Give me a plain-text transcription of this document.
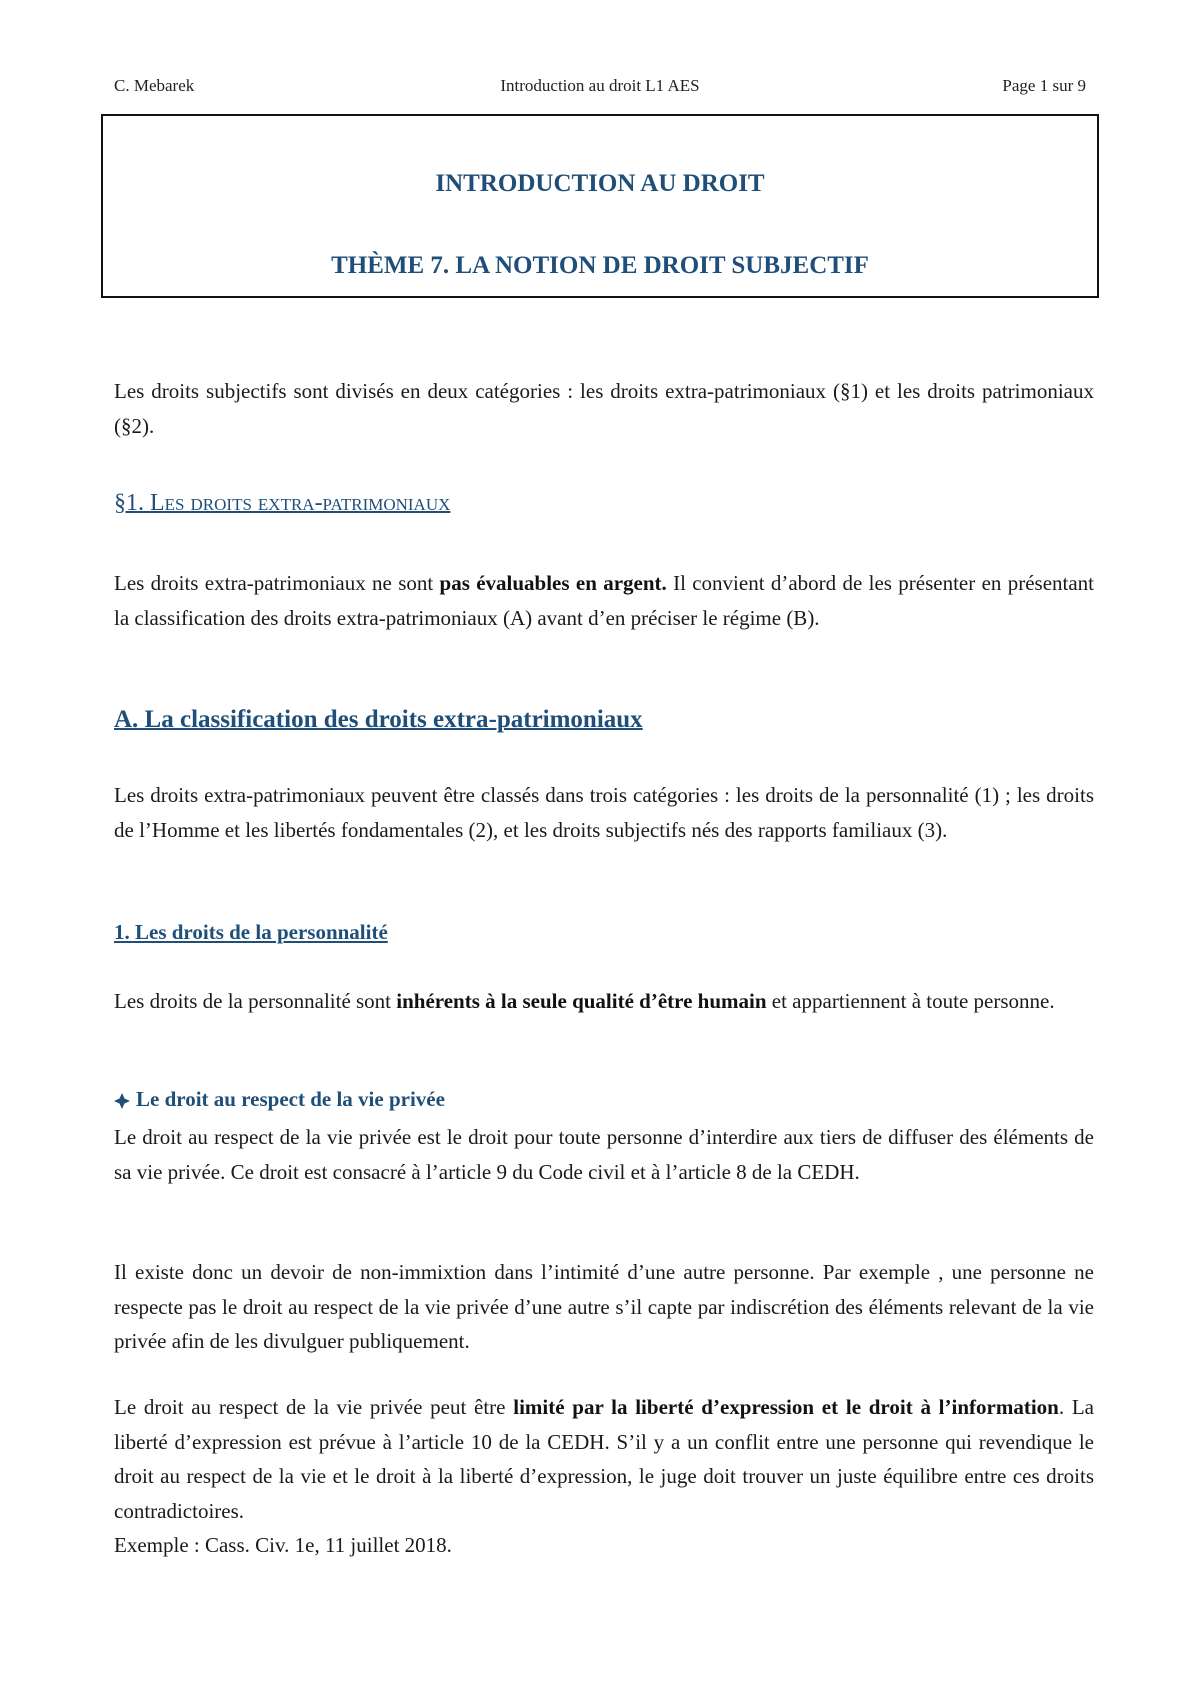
C. Mebarek	Introduction au droit L1 AES	Page 1 sur 9
INTRODUCTION AU DROIT
THÈME 7. LA NOTION DE DROIT SUBJECTIF

Les droits subjectifs sont divisés en deux catégories : les droits extra-patrimoniaux (§1) et les droits patrimoniaux (§2).

§1. Les droits extra-patrimoniaux

Les droits extra-patrimoniaux ne sont pas évaluables en argent. Il convient d’abord de les présenter en présentant la classification des droits extra-patrimoniaux (A) avant d’en préciser le régime (B).

A. La classification des droits extra-patrimoniaux

Les droits extra-patrimoniaux peuvent être classés dans trois catégories : les droits de la personnalité (1) ; les droits de l’Homme et les libertés fondamentales (2), et les droits subjectifs nés des rapports familiaux (3).

1. Les droits de la personnalité

Les droits de la personnalité sont inhérents à la seule qualité d’être humain et appartiennent à toute personne.

Le droit au respect de la vie privée

Le droit au respect de la vie privée est le droit pour toute personne d’interdire aux tiers de diffuser des éléments de sa vie privée. Ce droit est consacré à l’article 9 du Code civil et à l’article 8 de la CEDH.

Il existe donc un devoir de non-immixtion dans l’intimité d’une autre personne. Par exemple , une personne ne respecte pas le droit au respect de la vie privée d’une autre s’il capte par indiscrétion des éléments relevant de la vie privée afin de les divulguer publiquement.

Le droit au respect de la vie privée peut être limité par la liberté d’expression et le droit à l’information. La liberté d’expression est prévue à l’article 10 de la CEDH. S’il y a un conflit entre une personne qui revendique le droit au respect de la vie et le droit à la liberté d’expression, le juge doit trouver un juste équilibre entre ces droits contradictoires.

Exemple : Cass. Civ. 1e, 11 juillet 2018.
